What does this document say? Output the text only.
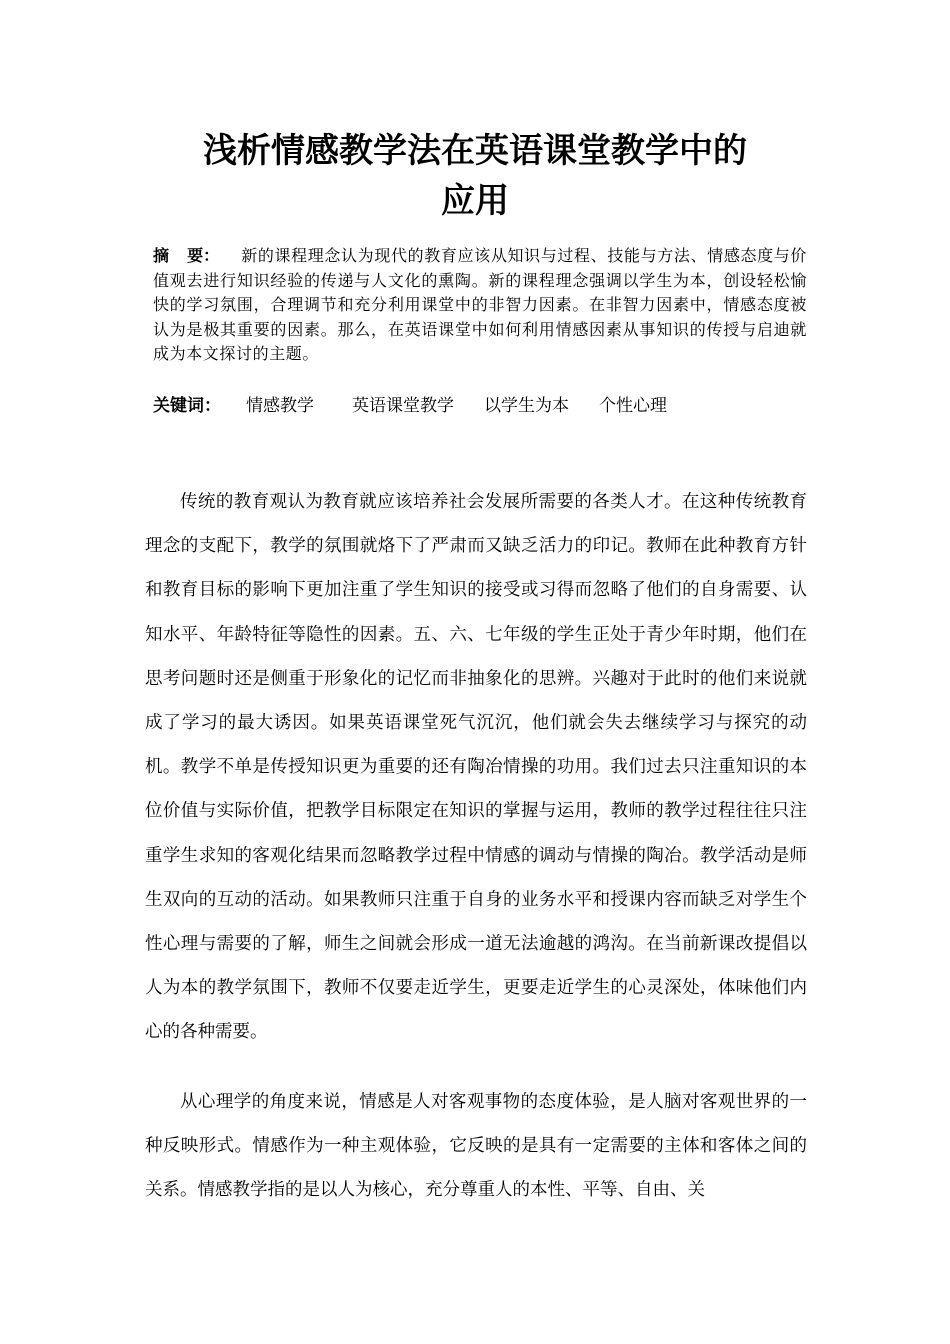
浅析情感教学法在英语课堂教学中的
应用
摘 要： 新的课程理念认为现代的教育应该从知识与过程、技能与方法、情感态度与价值观去进行知识经验的传递与人文化的熏陶。新的课程理念强调以学生为本，创设轻松愉快的学习氛围，合理调节和充分利用课堂中的非智力因素。在非智力因素中，情感态度被认为是极其重要的因素。那么，在英语课堂中如何利用情感因素从事知识的传授与启迪就成为本文探讨的主题。
关键词： 情感教学 英语课堂教学 以学生为本 个性心理

传统的教育观认为教育就应该培养社会发展所需要的各类人才。在这种传统教育理念的支配下，教学的氛围就烙下了严肃而又缺乏活力的印记。教师在此种教育方针和教育目标的影响下更加注重了学生知识的接受或习得而忽略了他们的自身需要、认知水平、年龄特征等隐性的因素。五、六、七年级的学生正处于青少年时期，他们在思考问题时还是侧重于形象化的记忆而非抽象化的思辨。兴趣对于此时的他们来说就成了学习的最大诱因。如果英语课堂死气沉沉，他们就会失去继续学习与探究的动机。教学不单是传授知识更为重要的还有陶冶情操的功用。我们过去只注重知识的本位价值与实际价值，把教学目标限定在知识的掌握与运用，教师的教学过程往往只注重学生求知的客观化结果而忽略教学过程中情感的调动与情操的陶冶。教学活动是师生双向的互动的活动。如果教师只注重于自身的业务水平和授课内容而缺乏对学生个性心理与需要的了解，师生之间就会形成一道无法逾越的鸿沟。在当前新课改提倡以人为本的教学氛围下，教师不仅要走近学生，更要走近学生的心灵深处，体味他们内心的各种需要。

从心理学的角度来说，情感是人对客观事物的态度体验，是人脑对客观世界的一种反映形式。情感作为一种主观体验，它反映的是具有一定需要的主体和客体之间的关系。情感教学指的是以人为核心，充分尊重人的本性、平等、自由、关
